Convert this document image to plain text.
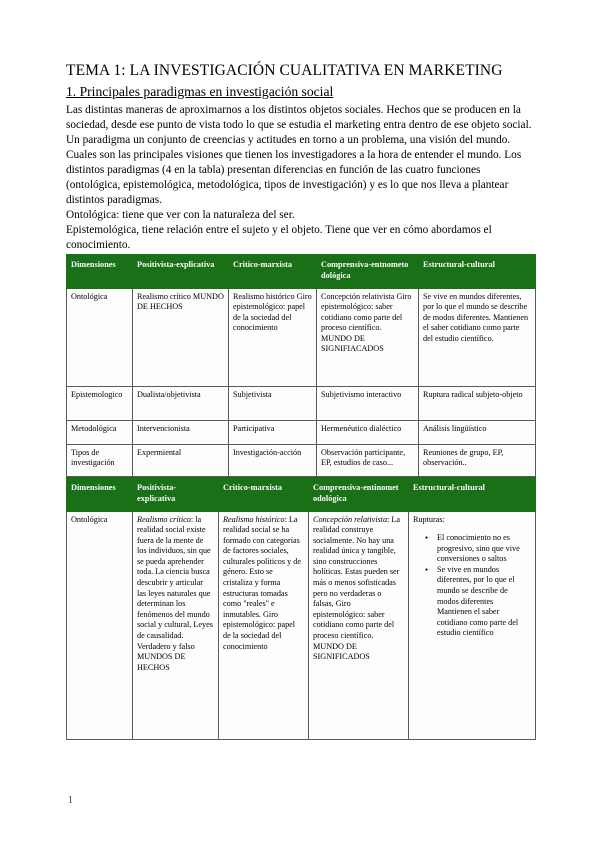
TEMA 1: LA INVESTIGACIÓN CUALITATIVA EN MARKETING
1. Principales paradigmas en investigación social

Las distintas maneras de aproximarnos a los distintos objetos sociales. Hechos que se producen en la sociedad, desde ese punto de vista todo lo que se estudia el marketing entra dentro de ese objeto social. Un paradigma un conjunto de creencias y actitudes en torno a un problema, una visión del mundo. Cuales son las principales visiones que tienen los investigadores a la hora de entender el mundo. Los distintos paradigmas (4 en la tabla) presentan diferencias en función de las cuatro funciones (ontológica, epistemológica, metodológica, tipos de investigación) y es lo que nos lleva a plantear distintos paradigmas.

Ontológica: tiene que ver con la naturaleza del ser.

Epistemológica, tiene relación entre el sujeto y el objeto. Tiene que ver en cómo abordamos el conocimiento.

Dimensiones	Positivista-explicativa	Critico-marxista	Comprensiva-entnometo dológica	Estructural-cultural
Ontológica	Realismo crítico MUNDO DE HECHOS	Realismo histórico Giro epistemológico: papel de la sociedad del conocimiento	Concepción relativista Giro epistemológico: saber cotidiano como parte del proceso científico. MUNDO DE SIGNIFIACADOS	Se vive en mundos diferentes, por lo que el mundo se describe de modos diferentes. Mantienen el saber cotidiano como parte del estudio científico.
Epistemologico	Dualista/objetivista	Subjetivista	Subjetivismo interactivo	Ruptura radical subjeto-objeto
Metodológica	Intervencionista	Participativa	Hermenéutico dialéctico	Análisis lingüístico
Tipos de investigación	Expermiental	Investigación-acción	Observación participante, EP, estudios de caso...	Reuniones de grupo, EP, observación..
Dimensiones	Positivista-explicativa	Critico-marxista	Comprensiva-entinomet odológica	Estructural-cultural
Ontológica	Realismo crítico: la realidad social existe fuera de la mente de los individuos, sin que se pueda aprehender toda. La ciencia busca descubrir y articular las leyes naturales que determinan los fenómenos del mundo social y cultural, Leyes de causalidad. Verdadero y falso MUNDOS DE HECHOS	Realismo histórico: La realidad social se ha formado con categorías de factores sociales, culturales políticos y de género. Esto se cristaliza y forma estructuras tomadas como "reales" e inmutables. Giro epistemológico: papel de la sociedad del conocimiento	Concepción relativista: La realidad construye socialmente. No hay una realidad única y tangible, sino construcciones holíticas. Estas pueden ser más o menos sofisticadas pero no verdaderas o falsas, Giro epistemológico: saber cotidiano como parte del proceso científico. MUNDO DE SIGNIFICADOS	Rupturas:
● El conocimiento no es progresivo, sino que vive conversiones o saltos
● Se vive en mundos diferentes, por lo que el mundo se describe de modos diferentes
Mantienen el saber cotidiano como parte del estudio científico
1
